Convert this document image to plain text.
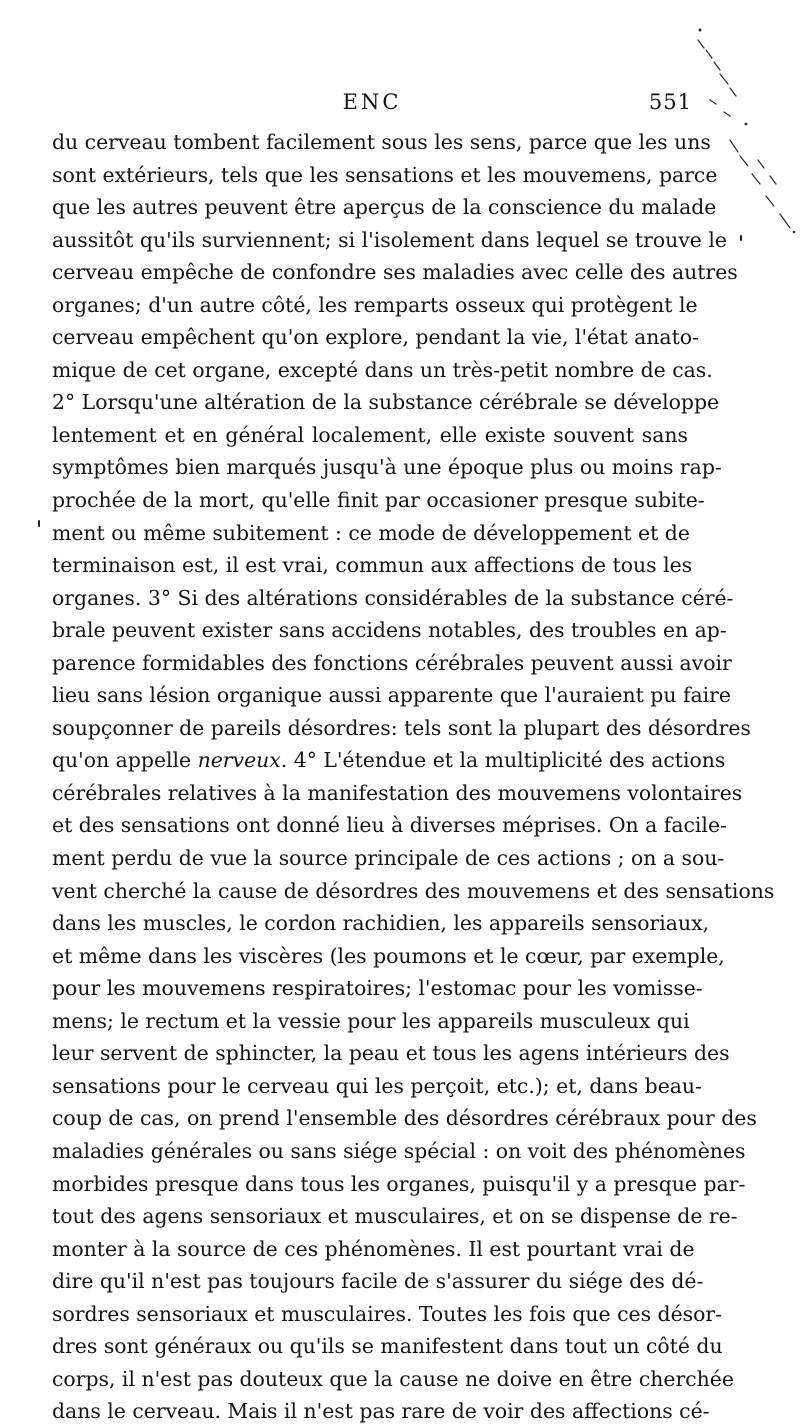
ENC	551
du cerveau tombent facilement sous les sens, parce que les uns
sont extérieurs, tels que les sensations et les mouvemens, parce
que les autres peuvent être aperçus de la conscience du malade
aussitôt qu'ils surviennent; si l'isolement dans lequel se trouve le
cerveau empêche de confondre ses maladies avec celle des autres
organes; d'un autre côté, les remparts osseux qui protègent le
cerveau empêchent qu'on explore, pendant la vie, l'état anato-
mique de cet organe, excepté dans un très-petit nombre de cas.
2° Lorsqu'une altération de la substance cérébrale se développe
lentement et en général localement, elle existe souvent sans
symptômes bien marqués jusqu'à une époque plus ou moins rap-
prochée de la mort, qu'elle finit par occasioner presque subite-
ment ou même subitement : ce mode de développement et de
terminaison est, il est vrai, commun aux affections de tous les
organes. 3° Si des altérations considérables de la substance céré-
brale peuvent exister sans accidens notables, des troubles en ap-
parence formidables des fonctions cérébrales peuvent aussi avoir
lieu sans lésion organique aussi apparente que l'auraient pu faire
soupçonner de pareils désordres: tels sont la plupart des désordres
qu'on appelle nerveux. 4° L'étendue et la multiplicité des actions
cérébrales relatives à la manifestation des mouvemens volontaires
et des sensations ont donné lieu à diverses méprises. On a facile-
ment perdu de vue la source principale de ces actions ; on a sou-
vent cherché la cause de désordres des mouvemens et des sensations
dans les muscles, le cordon rachidien, les appareils sensoriaux,
et même dans les viscères (les poumons et le cœur, par exemple,
pour les mouvemens respiratoires; l'estomac pour les vomisse-
mens; le rectum et la vessie pour les appareils musculeux qui
leur servent de sphincter, la peau et tous les agens intérieurs des
sensations pour le cerveau qui les perçoit, etc.); et, dans beau-
coup de cas, on prend l'ensemble des désordres cérébraux pour des
maladies générales ou sans siége spécial : on voit des phénomènes
morbides presque dans tous les organes, puisqu'il y a presque par-
tout des agens sensoriaux et musculaires, et on se dispense de re-
monter à la source de ces phénomènes. Il est pourtant vrai de
dire qu'il n'est pas toujours facile de s'assurer du siége des dé-
sordres sensoriaux et musculaires. Toutes les fois que ces désor-
dres sont généraux ou qu'ils se manifestent dans tout un côté du
corps, il n'est pas douteux que la cause ne doive en être cherchée
dans le cerveau. Mais il n'est pas rare de voir des affections cé-
